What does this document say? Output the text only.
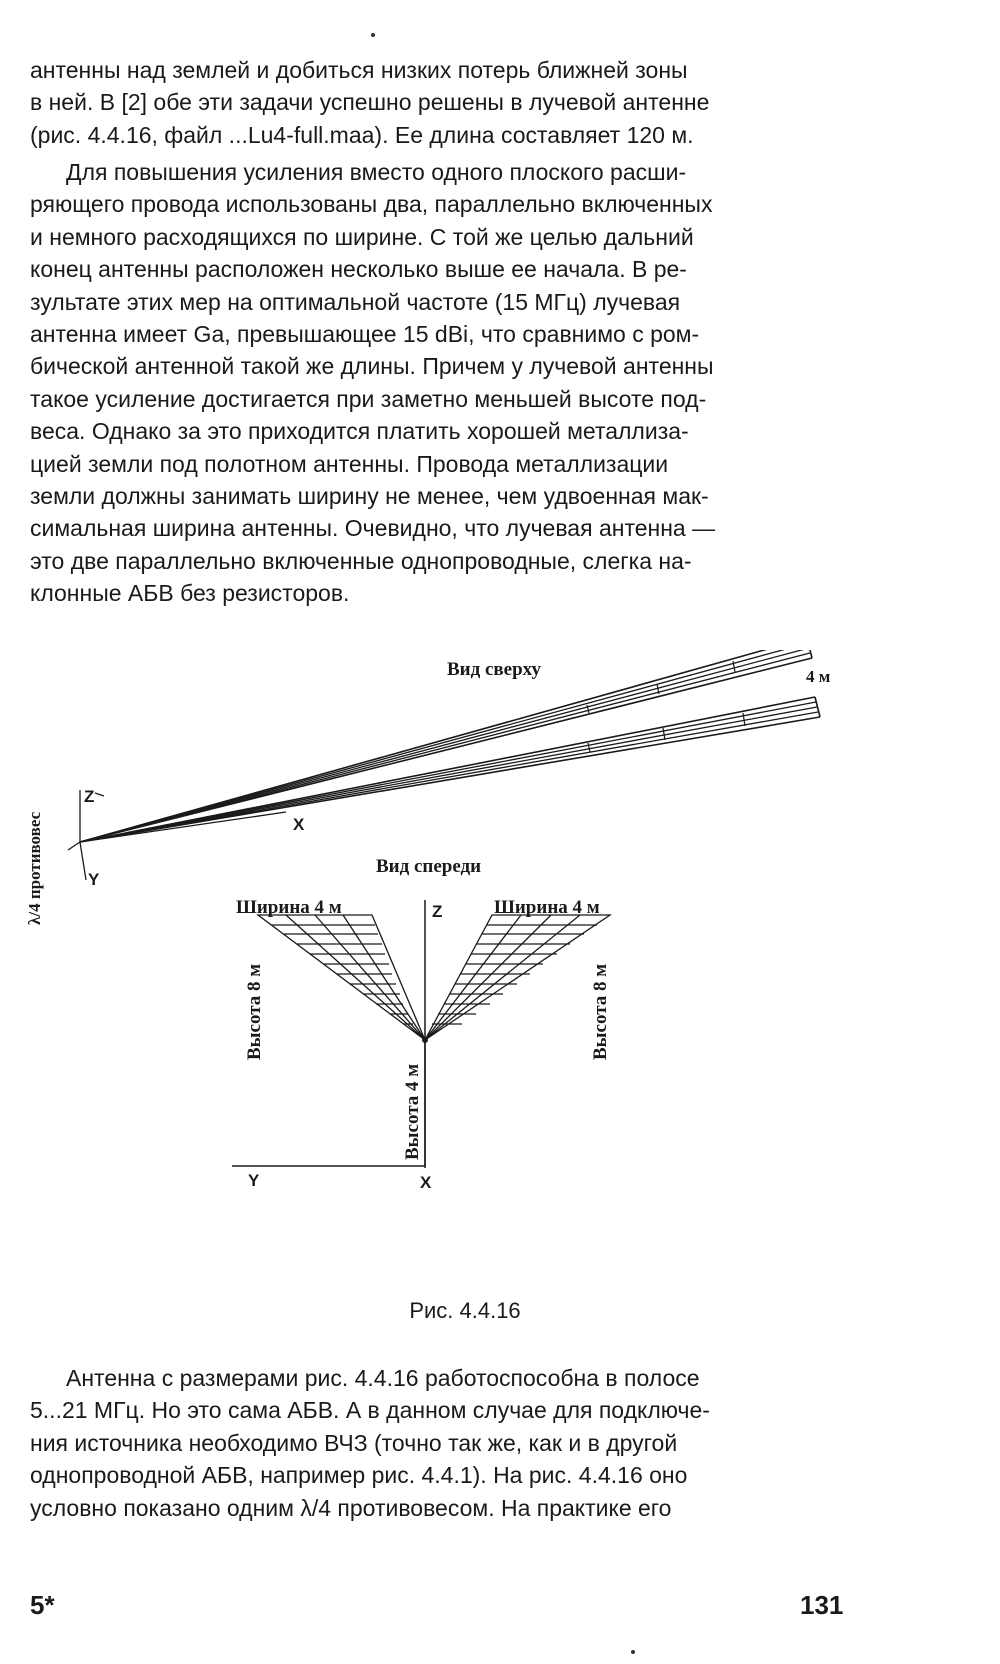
антенны над землей и добиться низких потерь ближней зоны
в ней. В [2] обе эти задачи успешно решены в лучевой антенне
(рис. 4.4.16, файл ...Lu4-full.maa). Ее длина составляет 120 м.
Для повышения усиления вместо одного плоского расши-
ряющего провода использованы два, параллельно включенных
и немного расходящихся по ширине. С той же целью дальний
конец антенны расположен несколько выше ее начала. В ре-
зультате этих мер на оптимальной частоте (15 МГц) лучевая
антенна имеет Ga, превышающее 15 dBi, что сравнимо с ром-
бической антенной такой же длины. Причем у лучевой антенны
такое усиление достигается при заметно меньшей высоте под-
веса. Однако за это приходится платить хорошей металлиза-
цией земли под полотном антенны. Провода металлизации
земли должны занимать ширину не менее, чем удвоенная мак-
симальная ширина антенны. Очевидно, что лучевая антенна —
это две параллельно включенные однопроводные, слегка на-
клонные АБВ без резисторов.
Вид сверху	4 м
X
Z
Y
λ/4 противовес	Вид спереди
Ширина 4 м	Ширина 4 м
Высота 8 м	Высота 8 м
Z
Y	X
Высота 4 м
Рис. 4.4.16
Антенна с размерами рис. 4.4.16 работоспособна в полосе
5...21 МГц. Но это сама АБВ. А в данном случае для подключе-
ния источника необходимо ВЧЗ (точно так же, как и в другой
однопроводной АБВ, например рис. 4.4.1). На рис. 4.4.16 оно
условно показано одним λ/4 противовесом. На практике его
5*	131
